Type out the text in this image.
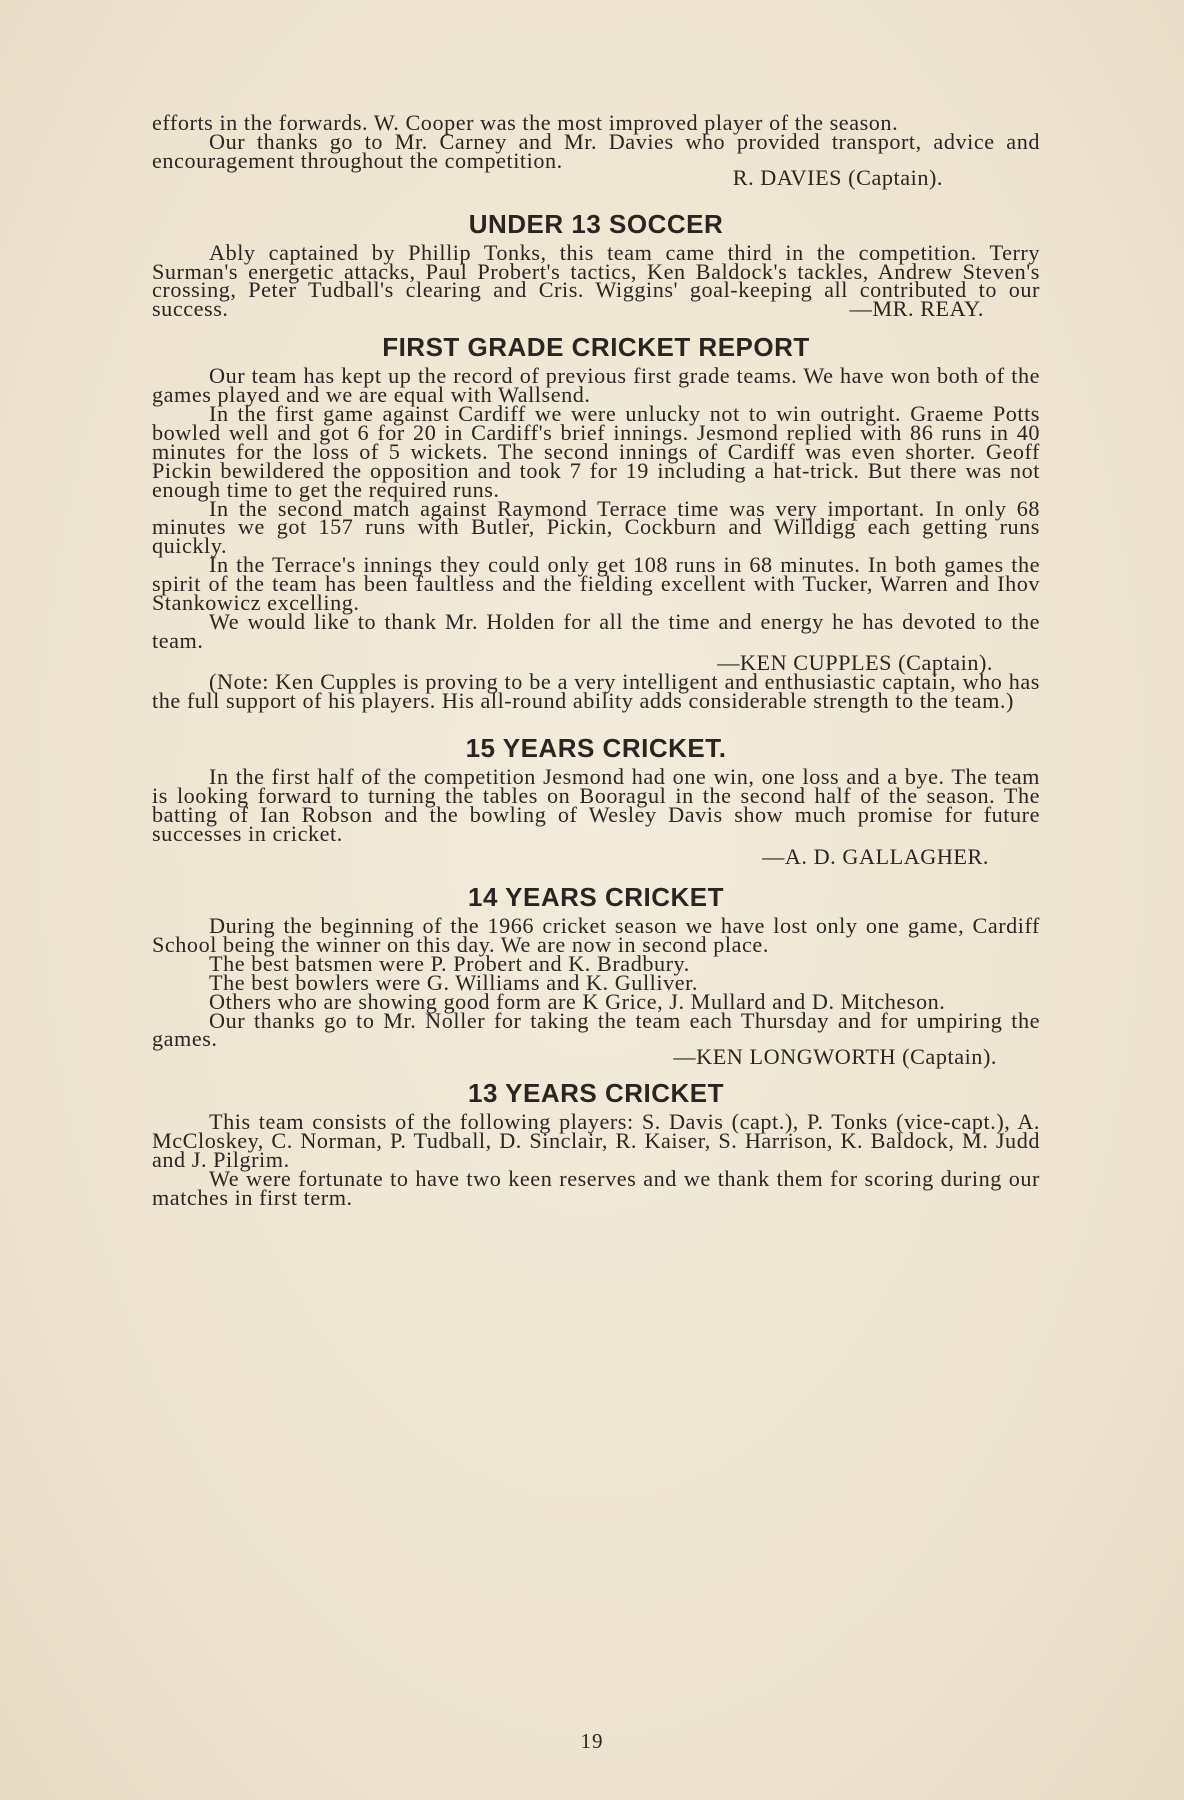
efforts in the forwards. W. Cooper was the most improved player of the season.

Our thanks go to Mr. Carney and Mr. Davies who provided transport, advice and encouragement throughout the competition.

R. DAVIES (Captain).

UNDER 13 SOCCER

Ably captained by Phillip Tonks, this team came third in the competition. Terry Surman's energetic attacks, Paul Probert's tactics, Ken Baldock's tackles, Andrew Steven's crossing, Peter Tudball's clearing and Cris. Wiggins' goal-keeping all contributed to our success.	—MR. REAY.

FIRST GRADE CRICKET REPORT

Our team has kept up the record of previous first grade teams. We have won both of the games played and we are equal with Wallsend.

In the first game against Cardiff we were unlucky not to win outright. Graeme Potts bowled well and got 6 for 20 in Cardiff's brief innings. Jesmond replied with 86 runs in 40 minutes for the loss of 5 wickets. The second innings of Cardiff was even shorter. Geoff Pickin bewildered the opposition and took 7 for 19 including a hat-trick. But there was not enough time to get the required runs.

In the second match against Raymond Terrace time was very important. In only 68 minutes we got 157 runs with Butler, Pickin, Cockburn and Willdigg each getting runs quickly.

In the Terrace's innings they could only get 108 runs in 68 minutes. In both games the spirit of the team has been faultless and the fielding excellent with Tucker, Warren and Ihov Stankowicz excelling.

We would like to thank Mr. Holden for all the time and energy he has devoted to the team.

—KEN CUPPLES (Captain).

(Note: Ken Cupples is proving to be a very intelligent and enthusiastic captain, who has the full support of his players. His all-round ability adds considerable strength to the team.)

15 YEARS CRICKET.

In the first half of the competition Jesmond had one win, one loss and a bye. The team is looking forward to turning the tables on Booragul in the second half of the season. The batting of Ian Robson and the bowling of Wesley Davis show much promise for future successes in cricket.

—A. D. GALLAGHER.

14 YEARS CRICKET

During the beginning of the 1966 cricket season we have lost only one game, Cardiff School being the winner on this day. We are now in second place.

The best batsmen were P. Probert and K. Bradbury.

The best bowlers were G. Williams and K. Gulliver.

Others who are showing good form are K Grice, J. Mullard and D. Mitcheson.

Our thanks go to Mr. Noller for taking the team each Thursday and for umpiring the games.

—KEN LONGWORTH (Captain).

13 YEARS CRICKET

This team consists of the following players: S. Davis (capt.), P. Tonks (vice-capt.), A. McCloskey, C. Norman, P. Tudball, D. Sinclair, R. Kaiser, S. Harrison, K. Baldock, M. Judd and J. Pilgrim.

We were fortunate to have two keen reserves and we thank them for scoring during our matches in first term.

19
